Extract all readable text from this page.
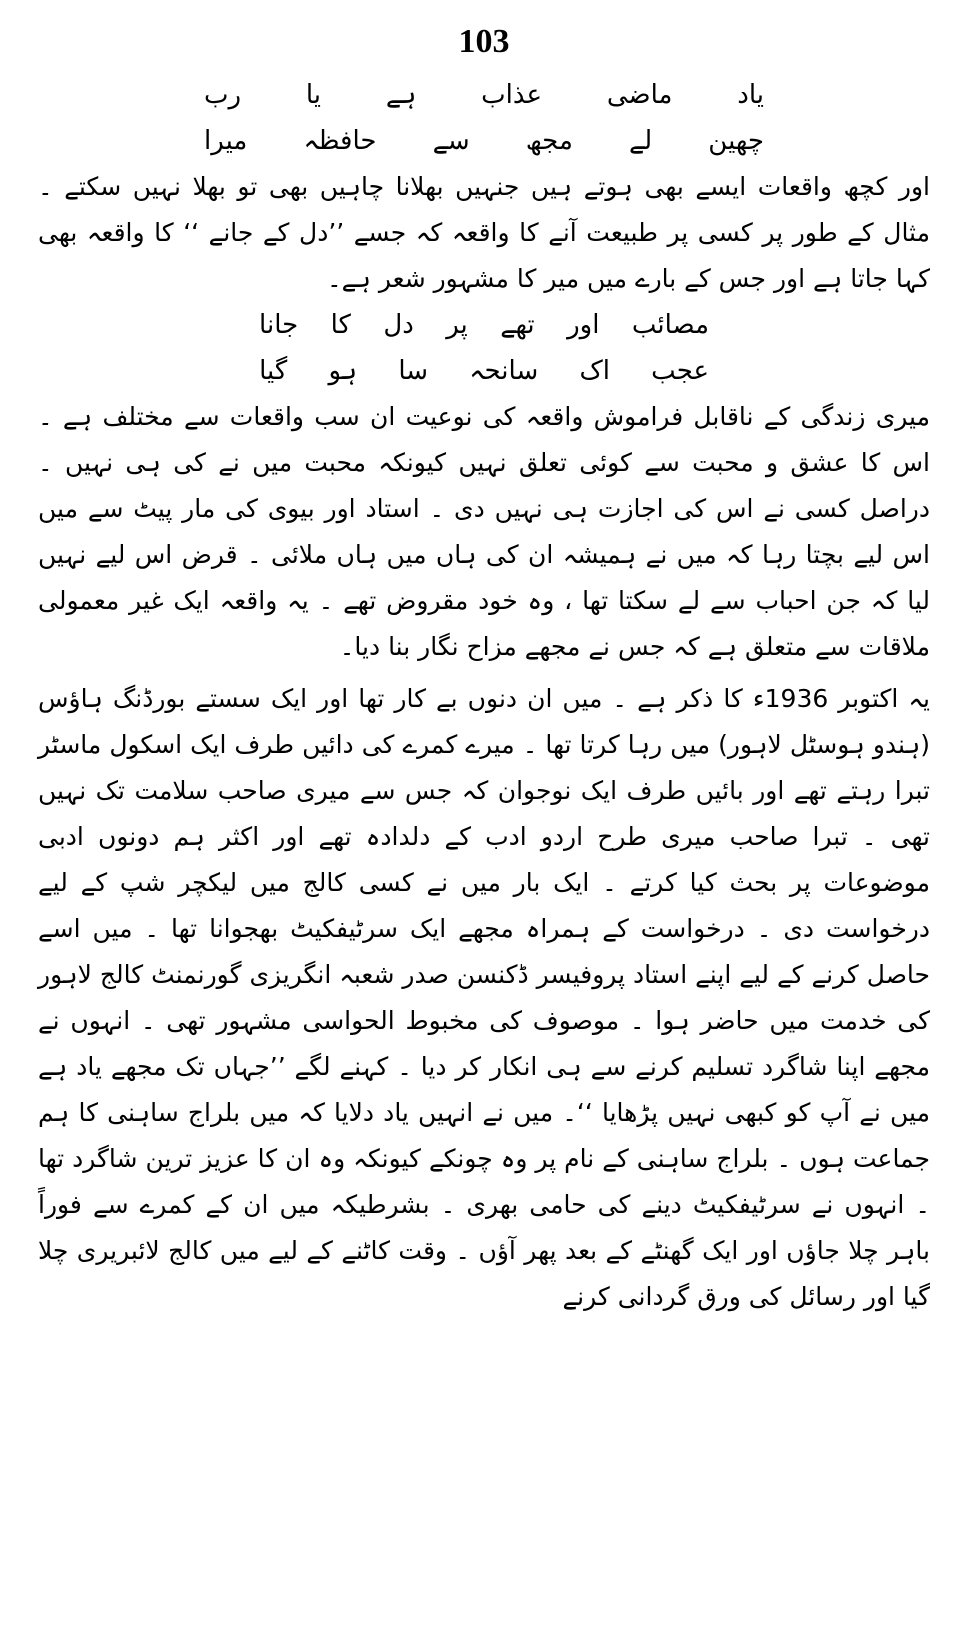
103
یاد
ماضی
عذاب
ہے
یا
رب
چھین
لے
مجھ
سے
حافظہ
میرا

اور کچھ واقعات ایسے بھی ہوتے ہیں جنہیں بھلانا چاہیں بھی تو بھلا نہیں سکتے ۔ مثال کے طور پر کسی پر طبیعت آنے کا واقعہ کہ جسے ’’دل کے جانے ‘‘ کا واقعہ بھی کہا جاتا ہے اور جس کے بارے میں میر کا مشہور شعر ہے۔

مصائب
اور
تھے
پر
دل
کا
جانا
عجب
اک
سانحہ
سا
ہو
گیا

میری زندگی کے ناقابل فراموش واقعہ کی نوعیت ان سب واقعات سے مختلف ہے ۔ اس کا عشق و محبت سے کوئی تعلق نہیں کیونکہ محبت میں نے کی ہی نہیں ۔ دراصل کسی نے اس کی اجازت ہی نہیں دی ۔ استاد اور بیوی کی مار پیٹ سے میں اس لیے بچتا رہا کہ میں نے ہمیشہ ان کی ہاں میں ہاں ملائی ۔ قرض اس لیے نہیں لیا کہ جن احباب سے لے سکتا تھا ، وہ خود مقروض تھے ۔ یہ واقعہ ایک غیر معمولی ملاقات سے متعلق ہے کہ جس نے مجھے مزاح نگار بنا دیا۔

یہ اکتوبر 1936ء کا ذکر ہے ۔ میں ان دنوں بے کار تھا اور ایک سستے بورڈنگ ہاؤس (ہندو ہوسٹل لاہور) میں رہا کرتا تھا ۔ میرے کمرے کی دائیں طرف ایک اسکول ماسٹر تبرا رہتے تھے اور بائیں طرف ایک نوجوان کہ جس سے میری صاحب سلامت تک نہیں تھی ۔ تبرا صاحب میری طرح اردو ادب کے دلدادہ تھے اور اکثر ہم دونوں ادبی موضوعات پر بحث کیا کرتے ۔ ایک بار میں نے کسی کالج میں لیکچر شپ کے لیے درخواست دی ۔ درخواست کے ہمراہ مجھے ایک سرٹیفکیٹ بھجوانا تھا ۔ میں اسے حاصل کرنے کے لیے اپنے استاد پروفیسر ڈکنسن صدر شعبہ انگریزی گورنمنٹ کالج لاہور کی خدمت میں حاضر ہوا ۔ موصوف کی مخبوط الحواسی مشہور تھی ۔ انہوں نے مجھے اپنا شاگرد تسلیم کرنے سے ہی انکار کر دیا ۔ کہنے لگے ’’جہاں تک مجھے یاد ہے میں نے آپ کو کبھی نہیں پڑھایا ‘‘۔ میں نے انہیں یاد دلایا کہ میں بلراج ساہنی کا ہم جماعت ہوں ۔ بلراج ساہنی کے نام پر وہ چونکے کیونکہ وہ ان کا عزیز ترین شاگرد تھا ۔ انہوں نے سرٹیفکیٹ دینے کی حامی بھری ۔ بشرطیکہ میں ان کے کمرے سے فوراً باہر چلا جاؤں اور ایک گھنٹے کے بعد پھر آؤں ۔ وقت کاٹنے کے لیے میں کالج لائبریری چلا گیا اور رسائل کی ورق گردانی کرنے
